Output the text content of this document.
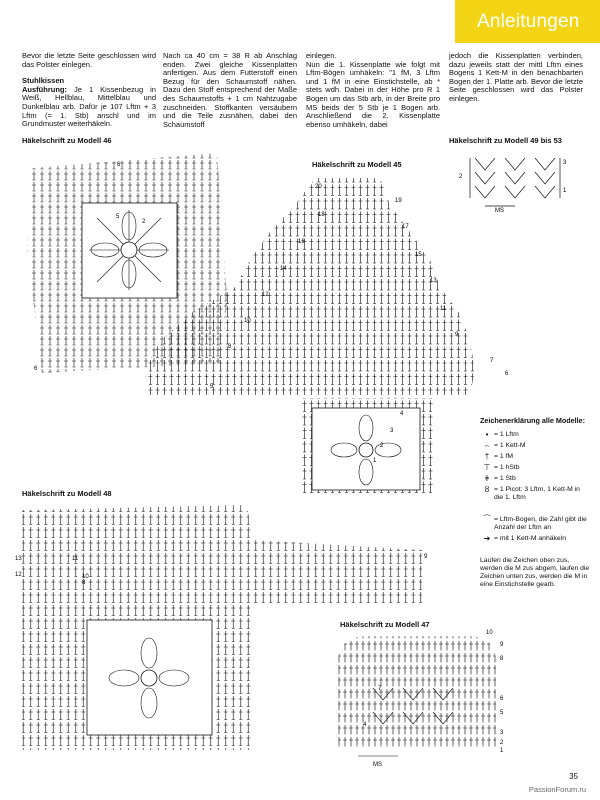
Anleitungen

Bevor die letzte Seite geschlossen wird das Polster einlegen.

Stuhlkissen

Ausführung: Je 1 Kissenbezug in Weiß, Hellblau, Mittelblau und Dunkelblau arb. Dafür je 107 Lftm + 3 Lftm (= 1. Stb) anschl und im Grundmuster weiterhäkeln.

Nach ca 40 cm = 38 R ab Anschlag enden. Zwei gleiche Kissenplatten anfertigen. Aus dem Futterstoff einen Bezug für den Schaumstoff nähen. Dazu den Stoff entsprechend der Maße des Schaumstoffs + 1 cm Nahtzugabe zuschneiden. Stoffkanten versäubern und die Teile zusnähen, dabei den Schaumstoff

einlegen.

Nun die 1. Kissenplatte wie folgt mit Lftm-Bögen umhäkeln: "1 fM, 3 Lftm und 1 fM in eine Einstichstelle, ab * stets wdh. Dabei in der Höhe pro R 1 Bogen um das Stb arb, in der Breite pro MS beids der 5 Stb je 1 Bogen arb. Anschließend die 2. Kissenplatte ebenso umhäkeln, dabei

jedoch die Kissenplatten verbinden, dazu jeweils statt der mittl Lftm eines Bogens 1 Kett-M in den benachbarten Bogen der 1. Platte arb. Bevor die letzte Seite geschlossen wird das Polster einlegen.

Häkelschrift zu Modell 46
Häkelschrift zu Modell 45
Häkelschrift zu Modell 49 bis 53
Häkelschrift zu Modell 48
Häkelschrift zu Modell 47
2
5
6
6
20
19
18
17
16
15
14
13
12
11
10
9
8
7
6
5
4
3
2
1
3
2
1
MS
13
12
11
10
9
8
10
9
8
7
6
5
4
3
2
1
MS
Zeichenerklärung alle Modelle:
• = 1 Lftm
⌢ = 1 Kett-M
† = 1 fM
⊤ = 1 hStb
ǂ = 1 Stb
ȣ = 1 Picot: 3 Lftm, 1 Kett-M in die 1. Lftm
⁀ = Lftm-Bogen, die Zahl gibt die Anzahl der Lftm an
➔ = mit 1 Kett-M anhäkeln
Laufen die Zeichen oben zus, werden die M zus abgem, laufen die Zeichen unten zus, werden die M in eine Einstichstelle gearb.
35
PassionForum.ru
